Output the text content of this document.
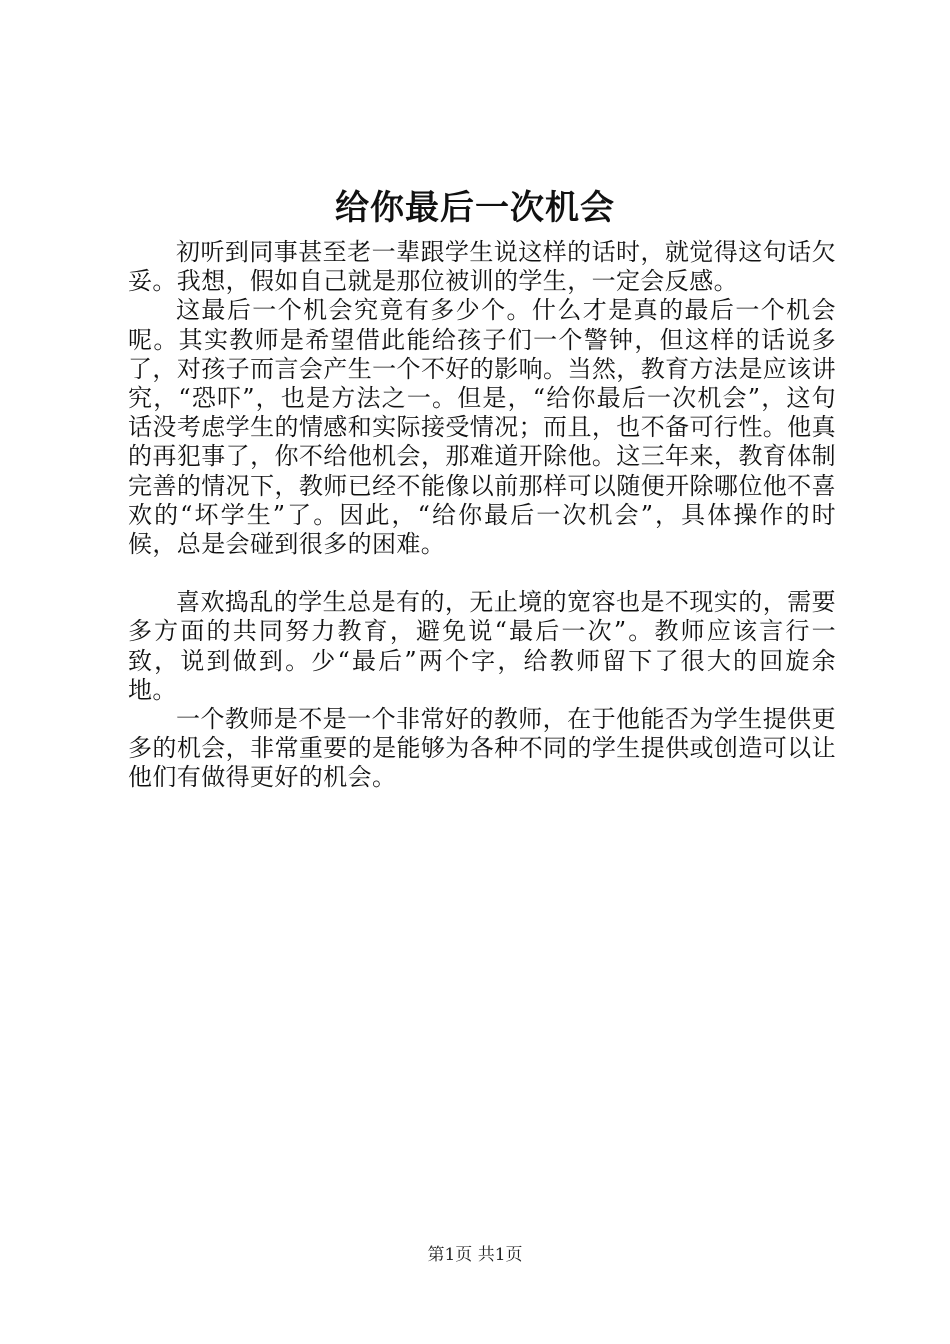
给你最后一次机会

初听到同事甚至老一辈跟学生说这样的话时，就觉得这句话欠妥。我想，假如自己就是那位被训的学生，一定会反感。

这最后一个机会究竟有多少个。什么才是真的最后一个机会呢。其实教师是希望借此能给孩子们一个警钟，但这样的话说多了，对孩子而言会产生一个不好的影响。当然，教育方法是应该讲究，“恐吓”，也是方法之一。但是，“给你最后一次机会”，这句话没考虑学生的情感和实际接受情况；而且，也不备可行性。他真的再犯事了，你不给他机会，那难道开除他。这三年来，教育体制完善的情况下，教师已经不能像以前那样可以随便开除哪位他不喜欢的“坏学生”了。因此，“给你最后一次机会”，具体操作的时候，总是会碰到很多的困难。

喜欢捣乱的学生总是有的，无止境的宽容也是不现实的，需要多方面的共同努力教育，避免说“最后一次”。教师应该言行一致，说到做到。少“最后”两个字，给教师留下了很大的回旋余地。

一个教师是不是一个非常好的教师，在于他能否为学生提供更多的机会，非常重要的是能够为各种不同的学生提供或创造可以让他们有做得更好的机会。

第1页 共1页
